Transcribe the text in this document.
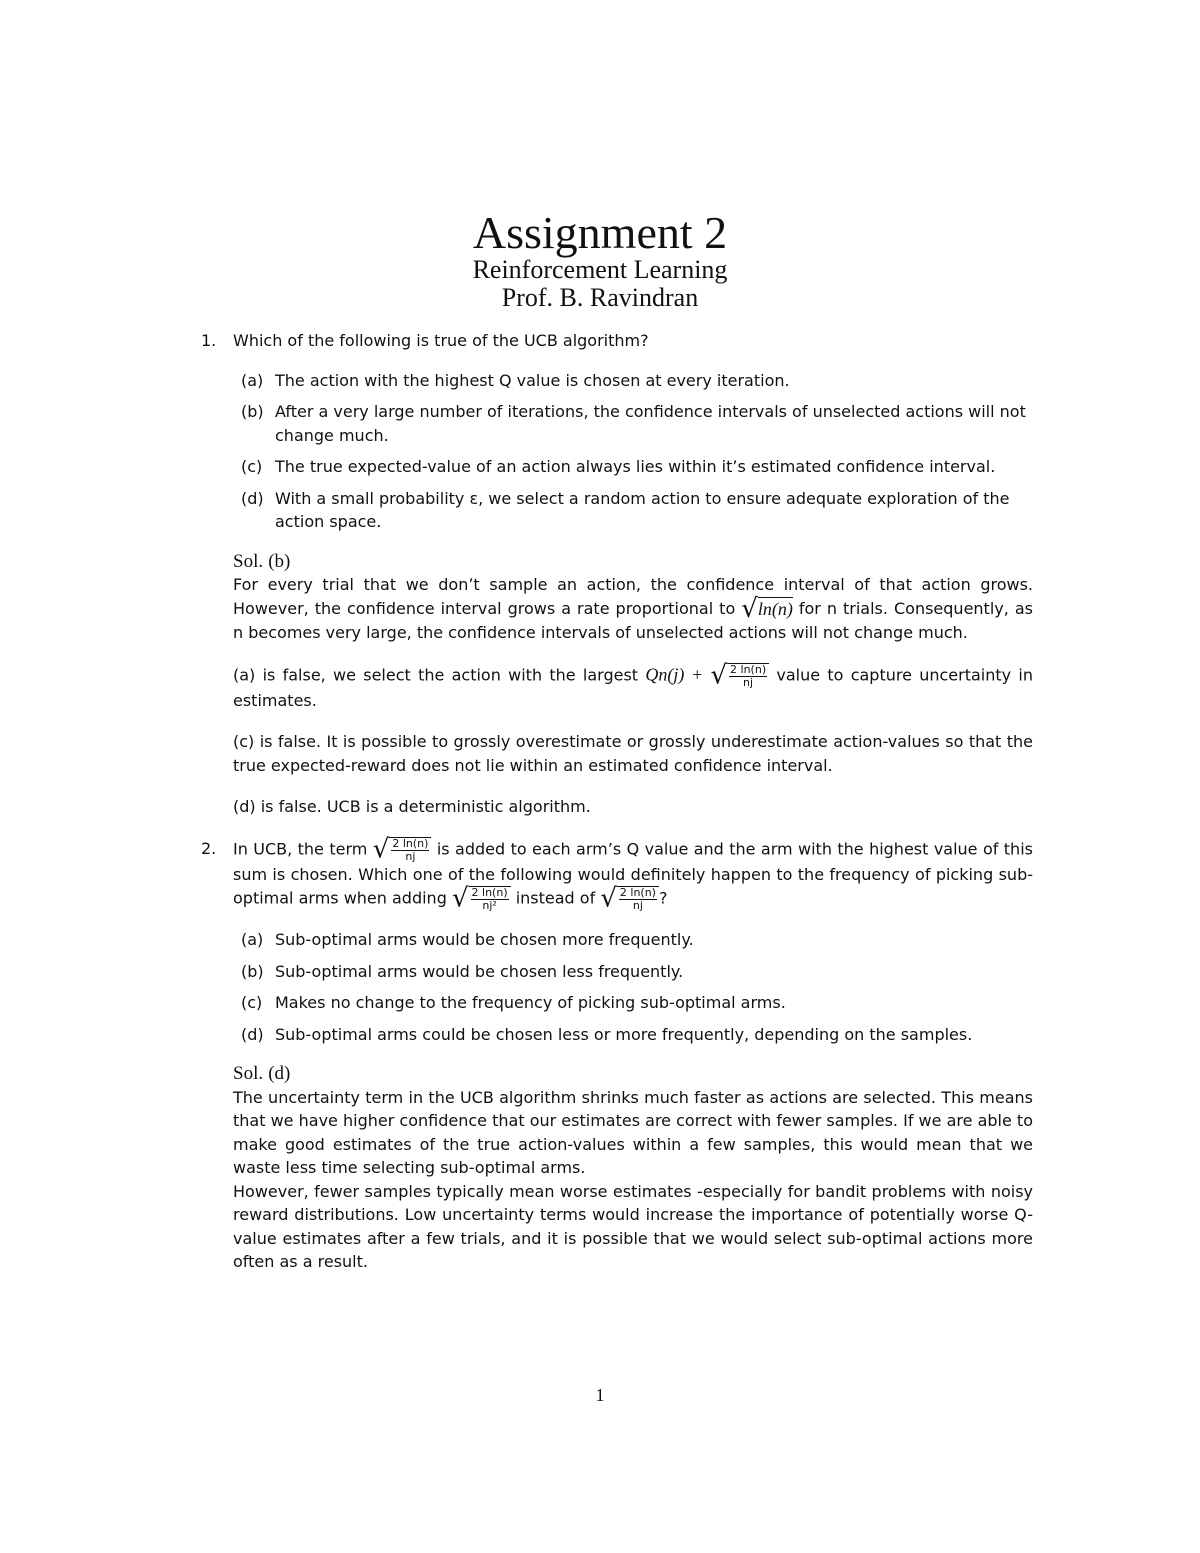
Assignment 2
Reinforcement Learning
Prof. B. Ravindran
1. Which of the following is true of the UCB algorithm?
(a) The action with the highest Q value is chosen at every iteration.
(b) After a very large number of iterations, the confidence intervals of unselected actions will not change much.
(c) The true expected-value of an action always lies within it’s estimated confidence interval.
(d) With a small probability ε, we select a random action to ensure adequate exploration of the action space.
Sol. (b)
For every trial that we don’t sample an action, the confidence interval of that action grows. However, the confidence interval grows a rate proportional to √ln(n) for n trials. Consequently, as n becomes very large, the confidence intervals of unselected actions will not change much.
(a) is false, we select the action with the largest Qn(j) + √ $\frac{2 \ln(n)}{nj}$ value to capture uncertainty in estimates.
(c) is false. It is possible to grossly overestimate or grossly underestimate action-values so that the true expected-reward does not lie within an estimated confidence interval.
(d) is false. UCB is a deterministic algorithm.
2. In UCB, the term √ $\frac{2 \ln(n)}{nj}$ is added to each arm’s Q value and the arm with the highest value of this sum is chosen. Which one of the following would definitely happen to the frequency of picking sub-optimal arms when adding √ $\frac{2 \ln(n)}{\text{nj²}}$ instead of √ $\frac{2 \ln(n)}{nj}$ ?
(a) Sub-optimal arms would be chosen more frequently.
(b) Sub-optimal arms would be chosen less frequently.
(c) Makes no change to the frequency of picking sub-optimal arms.
(d) Sub-optimal arms could be chosen less or more frequently, depending on the samples.
Sol. (d)
The uncertainty term in the UCB algorithm shrinks much faster as actions are selected. This means that we have higher confidence that our estimates are correct with fewer samples. If we are able to make good estimates of the true action-values within a few samples, this would mean that we waste less time selecting sub-optimal arms.
However, fewer samples typically mean worse estimates -especially for bandit problems with noisy reward distributions. Low uncertainty terms would increase the importance of potentially worse Q-value estimates after a few trials, and it is possible that we would select sub-optimal actions more often as a result.
1
